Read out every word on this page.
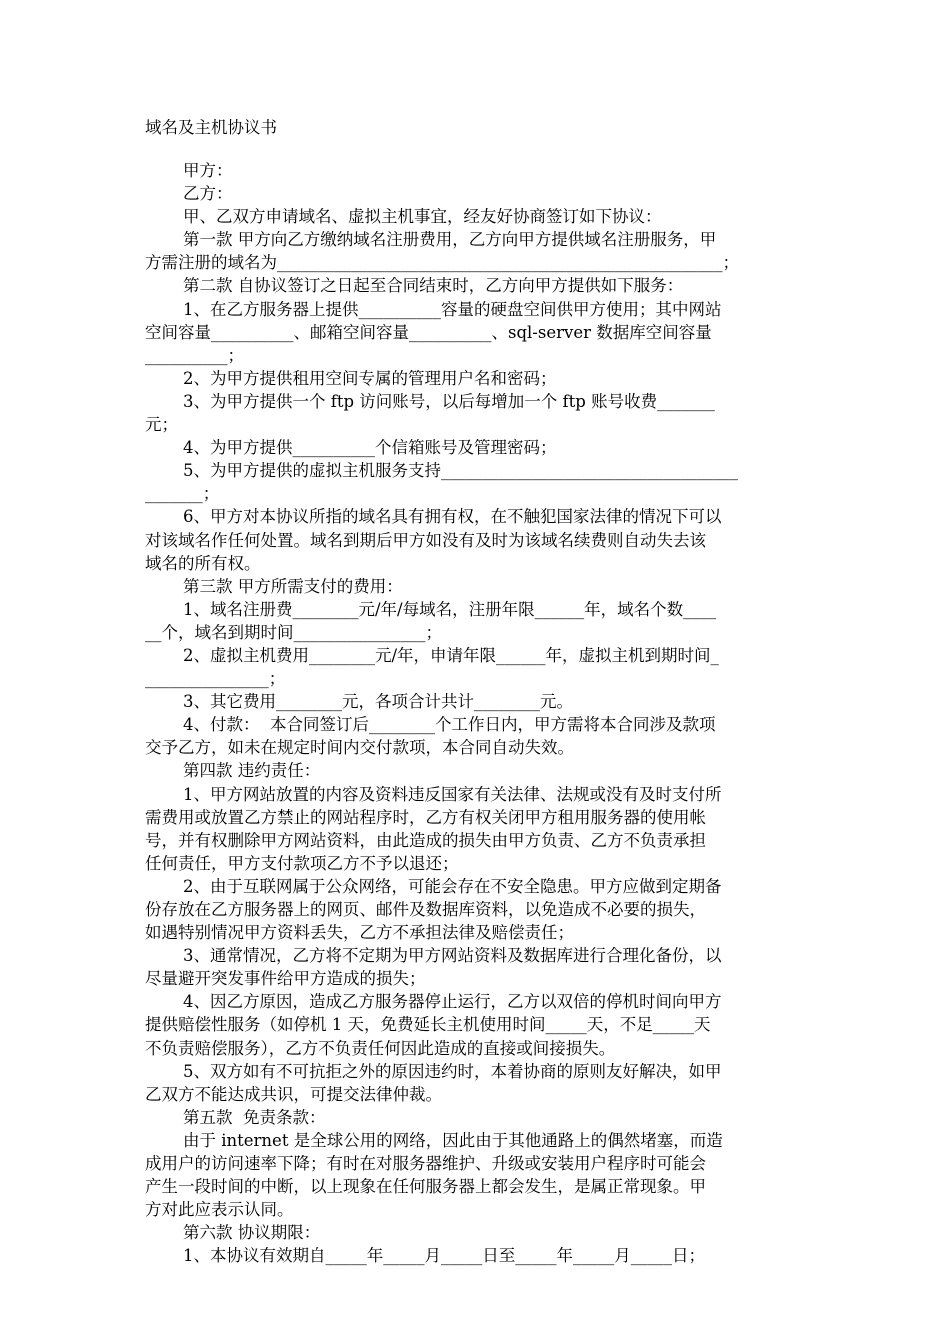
域名及主机协议书
甲方：
乙方：
甲、乙双方申请域名、虚拟主机事宜，经友好协商签订如下协议：
第一款 甲方向乙方缴纳域名注册费用，乙方向甲方提供域名注册服务，甲
方需注册的域名为______________________________________________________；
第二款 自协议签订之日起至合同结束时，乙方向甲方提供如下服务：
1、在乙方服务器上提供__________容量的硬盘空间供甲方使用；其中网站
空间容量__________、邮箱空间容量__________、sql-server 数据库空间容量
__________；
2、为甲方提供租用空间专属的管理用户名和密码；
3、为甲方提供一个 ftp 访问账号，以后每增加一个 ftp 账号收费_______
元；
4、为甲方提供__________个信箱账号及管理密码；
5、为甲方提供的虚拟主机服务支持____________________________________
_______；
6、甲方对本协议所指的域名具有拥有权，在不触犯国家法律的情况下可以
对该域名作任何处置。域名到期后甲方如没有及时为该域名续费则自动失去该
域名的所有权。
第三款 甲方所需支付的费用：
1、域名注册费________元/年/每域名，注册年限______年，域名个数____
__个，域名到期时间________________；
2、虚拟主机费用________元/年，申请年限______年，虚拟主机到期时间_
_______________；
3、其它费用________元，各项合计共计________元。
4、付款：  本合同签订后________个工作日内，甲方需将本合同涉及款项
交予乙方，如未在规定时间内交付款项，本合同自动失效。
第四款 违约责任：
1、甲方网站放置的内容及资料违反国家有关法律、法规或没有及时支付所
需费用或放置乙方禁止的网站程序时，乙方有权关闭甲方租用服务器的使用帐
号，并有权删除甲方网站资料，由此造成的损失由甲方负责、乙方不负责承担
任何责任，甲方支付款项乙方不予以退还；
2、由于互联网属于公众网络，可能会存在不安全隐患。甲方应做到定期备
份存放在乙方服务器上的网页、邮件及数据库资料，以免造成不必要的损失，
如遇特别情况甲方资料丢失，乙方不承担法律及赔偿责任；
3、通常情况，乙方将不定期为甲方网站资料及数据库进行合理化备份，以
尽量避开突发事件给甲方造成的损失；
4、因乙方原因，造成乙方服务器停止运行，乙方以双倍的停机时间向甲方
提供赔偿性服务（如停机 1 天，免费延长主机使用时间_____天，不足_____天
不负责赔偿服务），乙方不负责任何因此造成的直接或间接损失。
5、双方如有不可抗拒之外的原因违约时，本着协商的原则友好解决，如甲
乙双方不能达成共识，可提交法律仲裁。
第五款  免责条款：
由于 internet 是全球公用的网络，因此由于其他通路上的偶然堵塞，而造
成用户的访问速率下降；有时在对服务器维护、升级或安装用户程序时可能会
产生一段时间的中断，以上现象在任何服务器上都会发生，是属正常现象。甲
方对此应表示认同。
第六款 协议期限：
1、本协议有效期自_____年_____月_____日至_____年_____月_____日；
